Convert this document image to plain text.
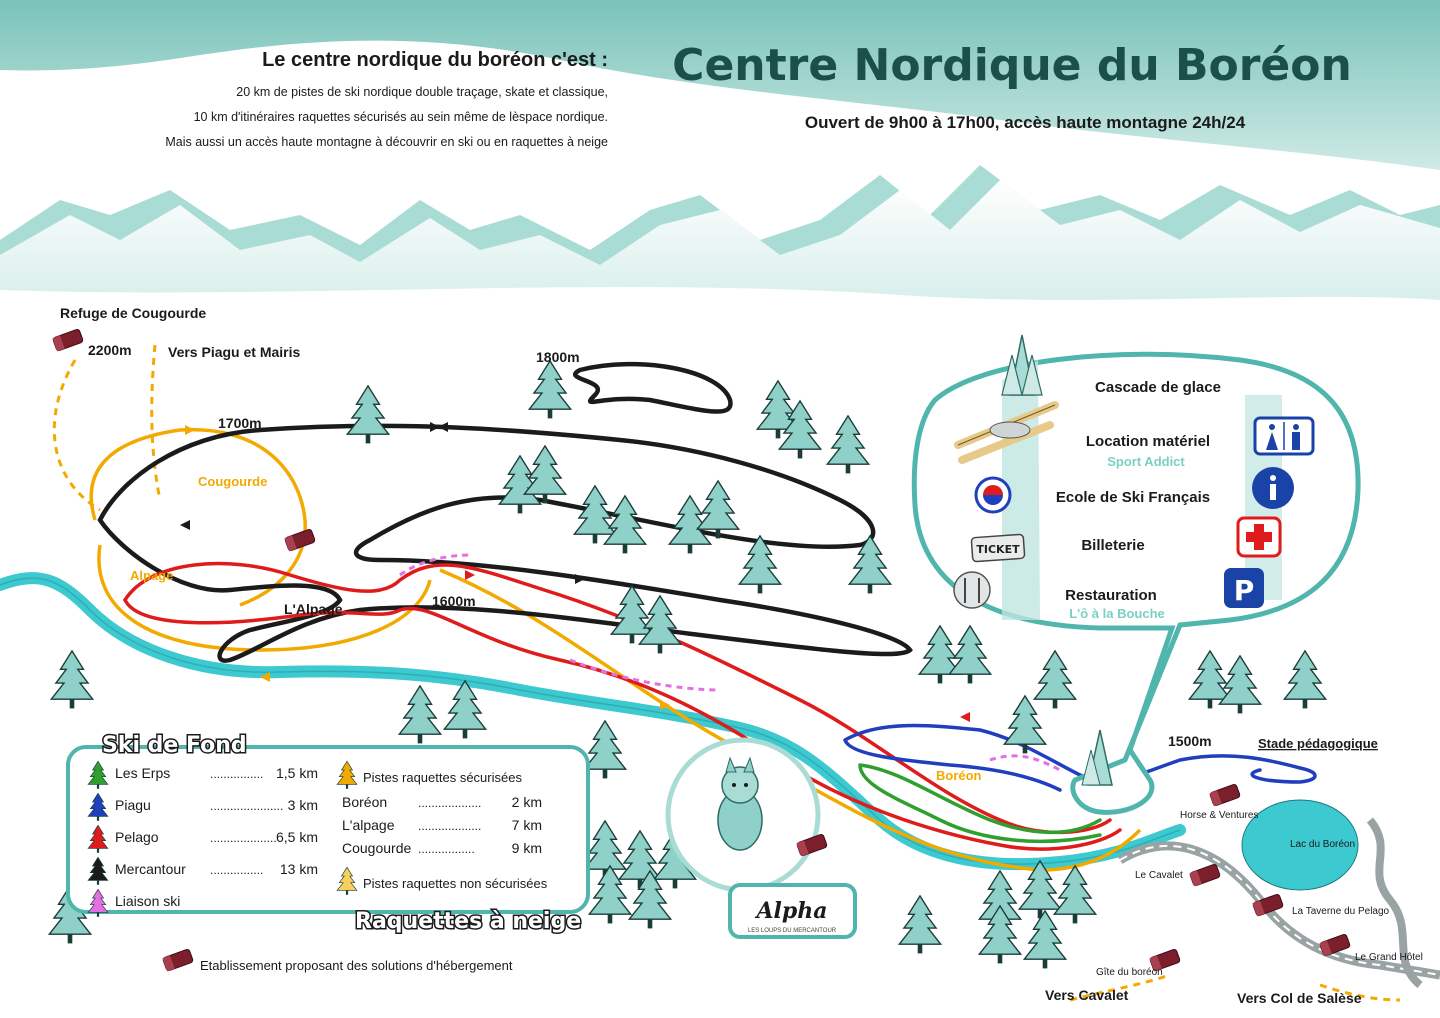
Centre Nordique du Boréon
Ouvert de 9h00 à 17h00, accès haute montagne 24h/24
Le centre nordique du boréon c'est :
20 km de pistes de ski nordique double traçage, skate et classique,
10 km d'itinéraires raquettes sécurisés au sein même de lèspace nordique.
Mais aussi un accès haute montagne à découvrir en ski ou en raquettes à neige
TICKET
Cascade de glace
Location matériel
Sport Addict
Ecole de Ski Français
Billeterie
Restauration
L'ô à la Bouche
P
Alpha
LES LOUPS DU MERCANTOUR
Refuge de Cougourde
2200m	Vers Piagu et Mairis
1700m
1800m
1600m
1500m
Cougourde
Alpage
L'Alpage
Boréon
Stade pédagogique
Horse & Ventures
Lac du Boréon
Le Cavalet
La Taverne du Pelago
Le Grand Hôtel
Gîte du boréon
Vers Cavalet	Vers Col de Salèse
Ski de Fond
Raquettes à neige
Les Erps	................ 1,5 km
Piagu	...................... 3 km
Pelago	.................... 6,5 km
Mercantour ................ 13 km
Liaison ski
Boréon	................... 2 km
L'alpage ................... 7 km
Cougourde .................	9 km
Pistes raquettes sécurisées
Pistes raquettes non sécurisées
Etablissement proposant des solutions d'hébergement
